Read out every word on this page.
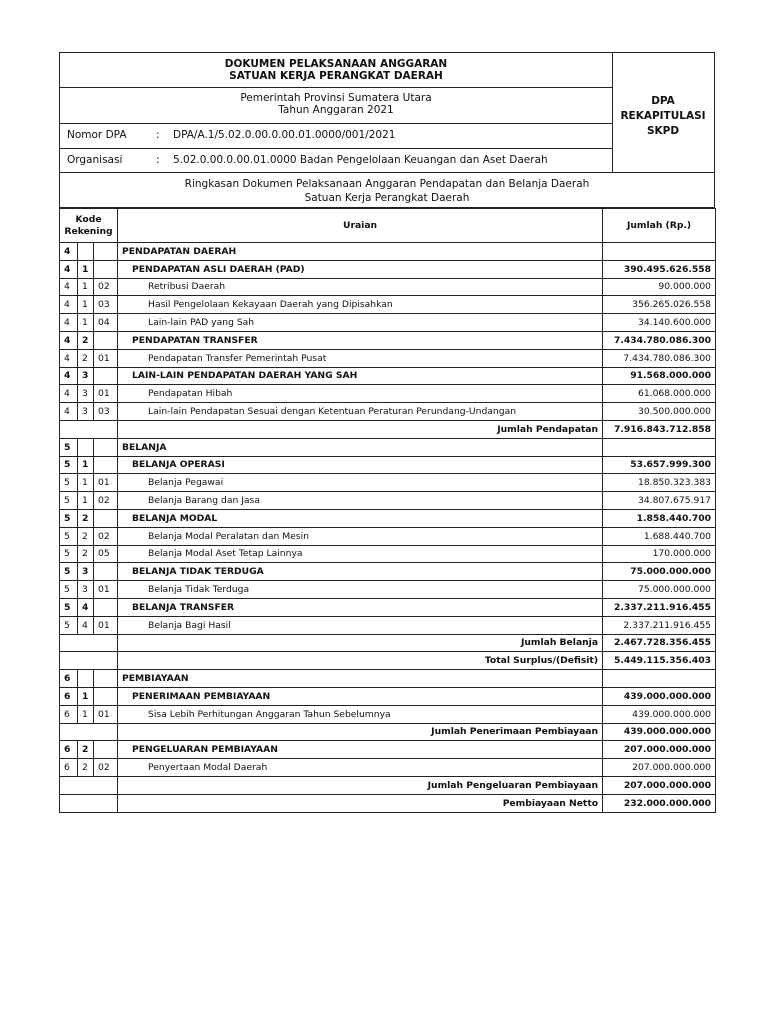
DOKUMEN PELAKSANAAN ANGGARAN
SATUAN KERJA PERANGKAT DAERAH
Pemerintah Provinsi Sumatera Utara
Tahun Anggaran 2021
Nomor DPA	: DPA/A.1/5.02.0.00.0.00.01.0000/001/2021
Organisasi	: 5.02.0.00.0.00.01.0000 Badan Pengelolaan Keuangan dan Aset Daerah
DPA
REKAPITULASI
SKPD
Ringkasan Dokumen Pelaksanaan Anggaran Pendapatan dan Belanja Daerah
Satuan Kerja Perangkat Daerah
Kode
Rekening			Uraian	Jumlah (Rp.)
4			PENDAPATAN DAERAH	
4	1		PENDAPATAN ASLI DAERAH (PAD)	390.495.626.558
4	1	02	Retribusi Daerah	90.000.000
4	1	03	Hasil Pengelolaan Kekayaan Daerah yang Dipisahkan	356.265.026.558
4	1	04	Lain-lain PAD yang Sah	34.140.600.000
4	2		PENDAPATAN TRANSFER	7.434.780.086.300
4	2	01	Pendapatan Transfer Pemerintah Pusat	7.434.780.086.300
4	3		LAIN-LAIN PENDAPATAN DAERAH YANG SAH	91.568.000.000
4	3	01	Pendapatan Hibah	61.068.000.000
4	3	03	Lain-lain Pendapatan Sesuai dengan Ketentuan Peraturan Perundang-Undangan	30.500.000.000
			Jumlah Pendapatan	7.916.843.712.858
5			BELANJA	
5	1		BELANJA OPERASI	53.657.999.300
5	1	01	Belanja Pegawai	18.850.323.383
5	1	02	Belanja Barang dan Jasa	34.807.675.917
5	2		BELANJA MODAL	1.858.440.700
5	2	02	Belanja Modal Peralatan dan Mesin	1.688.440.700
5	2	05	Belanja Modal Aset Tetap Lainnya	170.000.000
5	3		BELANJA TIDAK TERDUGA	75.000.000.000
5	3	01	Belanja Tidak Terduga	75.000.000.000
5	4		BELANJA TRANSFER	2.337.211.916.455
5	4	01	Belanja Bagi Hasil	2.337.211.916.455
			Jumlah Belanja	2.467.728.356.455
			Total Surplus/(Defisit)	5.449.115.356.403
6			PEMBIAYAAN	
6	1		PENERIMAAN PEMBIAYAAN	439.000.000.000
6	1	01	Sisa Lebih Perhitungan Anggaran Tahun Sebelumnya	439.000.000.000
			Jumlah Penerimaan Pembiayaan	439.000.000.000
6	2		PENGELUARAN PEMBIAYAAN	207.000.000.000
6	2	02	Penyertaan Modal Daerah	207.000.000.000
			Jumlah Pengeluaran Pembiayaan	207.000.000.000
			Pembiayaan Netto	232.000.000.000
